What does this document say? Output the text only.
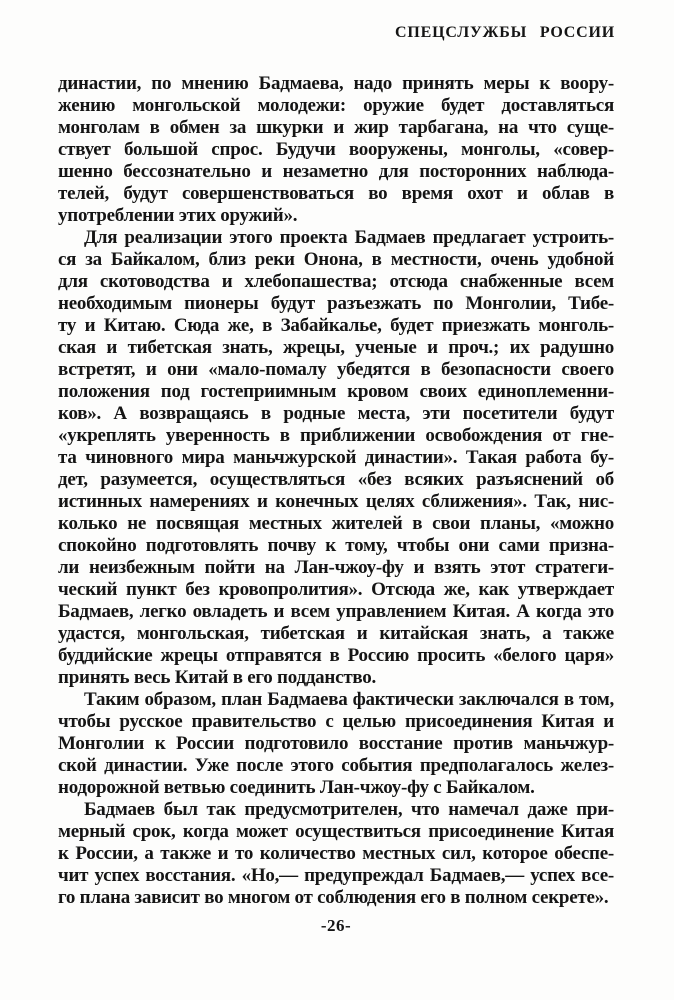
СПЕЦСЛУЖБЫ РОССИИ
династии, по мнению Бадмаева, надо принять меры к воору-
жению монгольской молодежи: оружие будет доставляться
монголам в обмен за шкурки и жир тарбагана, на что суще-
ствует большой спрос. Будучи вооружены, монголы, «совер-
шенно бессознательно и незаметно для посторонних наблюда-
телей, будут совершенствоваться во время охот и облав в
употреблении этих оружий».
Для реализации этого проекта Бадмаев предлагает устроить-
ся за Байкалом, близ реки Онона, в местности, очень удобной
для скотоводства и хлебопашества; отсюда снабженные всем
необходимым пионеры будут разъезжать по Монголии, Тибе-
ту и Китаю. Сюда же, в Забайкалье, будет приезжать монголь-
ская и тибетская знать, жрецы, ученые и проч.; их радушно
встретят, и они «мало-помалу убедятся в безопасности своего
положения под гостеприимным кровом своих единоплеменни-
ков». А возвращаясь в родные места, эти посетители будут
«укреплять уверенность в приближении освобождения от гне-
та чиновного мира маньчжурской династии». Такая работа бу-
дет, разумеется, осуществляться «без всяких разъяснений об
истинных намерениях и конечных целях сближения». Так, нис-
колько не посвящая местных жителей в свои планы, «можно
спокойно подготовлять почву к тому, чтобы они сами призна-
ли неизбежным пойти на Лан-чжоу-фу и взять этот стратеги-
ческий пункт без кровопролития». Отсюда же, как утверждает
Бадмаев, легко овладеть и всем управлением Китая. А когда это
удастся, монгольская, тибетская и китайская знать, а также
буддийские жрецы отправятся в Россию просить «белого царя»
принять весь Китай в его подданство.
Таким образом, план Бадмаева фактически заключался в том,
чтобы русское правительство с целью присоединения Китая и
Монголии к России подготовило восстание против маньчжур-
ской династии. Уже после этого события предполагалось желез-
нодорожной ветвью соединить Лан-чжоу-фу с Байкалом.
Бадмаев был так предусмотрителен, что намечал даже при-
мерный срок, когда может осуществиться присоединение Китая
к России, а также и то количество местных сил, которое обеспе-
чит успех восстания. «Но,— предупреждал Бадмаев,— успех все-
го плана зависит во многом от соблюдения его в полном секрете».
-26-
